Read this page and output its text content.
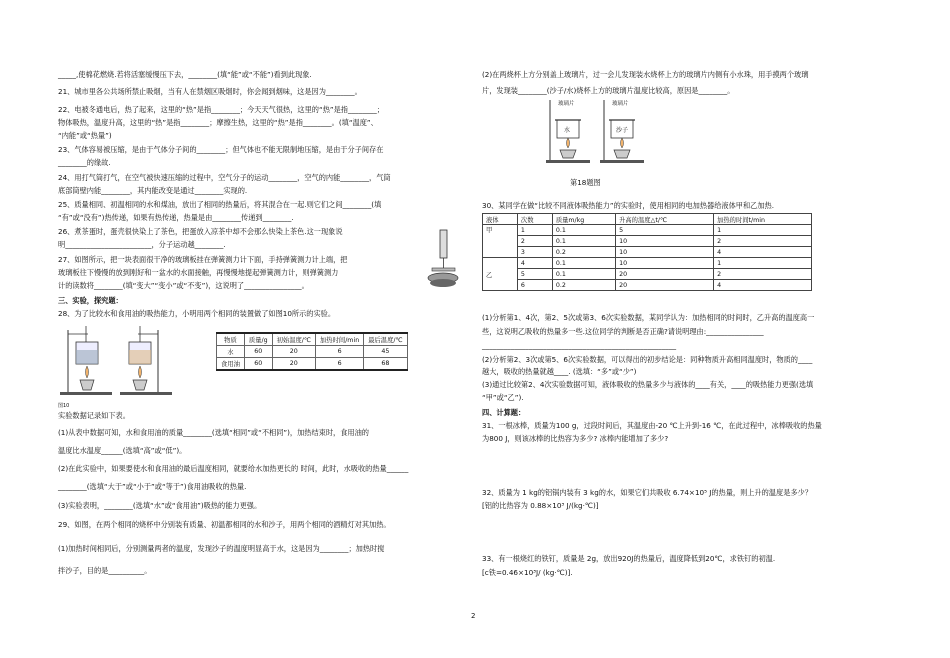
_____,使棉花燃烧.若将活塞缓慢压下去，________(填“能”或“不能”)看到此现象.
21、城市里各公共场所禁止吸烟，当有人在禁烟区吸烟时，你会闻到烟味，这是因为________。
22、电被冬通电后，热了起来，这里的“热”是指________；今天天气很热，这里的“热”是指________；
物体吸热，温度升高，这里的“热”是指________；摩擦生热，这里的“热”是指________。(填“温度”、
“内能”或“热量”)
23、气体容易被压缩，是由于气体分子间的________；但气体也不能无限制地压缩，是由于分子间存在
________的缘故.
24、用打气筒打气，在空气被快速压缩的过程中，空气分子的运动________，空气的内能________，气筒
底部筒壁内能________，其内能改变是通过________实现的.
25、质量相同、初温相同的水和煤油，放出了相同的热量后，将其混合在一起.则它们之间________(填
“有”或“没有”)热传递，如果有热传递，热量是由________传递到________.
26、煮茶蛋时，蛋壳很快染上了茶色，把蛋放入凉茶中却不会那么快染上茶色.这一现象说
明________________________，分子运动越________.
27、如图所示，把一块表面很干净的玻璃板挂在弹簧测力计下面，手持弹簧测力计上端，把
玻璃板往下慢慢的放到刚好和一盆水的水面接触，再慢慢地提起弹簧测力计，则弹簧测力
计的读数将________(填“变大”“变小”或“不变”)，这说明了________________。
三、实验，探究题：
28、为了比较水和食用油的吸热能力，小明用两个相同的装置做了如图10所示的实验。
图10
物质	质量/g	初始温度/℃	加热时间/min	最后温度/℃
水	60	20	6	45
食用油	60	20	6	68
实验数据记录如下表。
(1)从表中数据可知，水和食用油的质量________(选填“相同”或“不相同”)，加热结束时，食用油的
温度比水温度______(选填“高”或“低”)。
(2)在此实验中，如果要使水和食用油的最后温度相同，就要给水加热更长的 时间，此时，水吸收的热量______
________(选填“大于”或“小于”或“等于”)食用油吸收的热量.
(3)实验表明，________(选填“水”或“食用油”)吸热的能力更强。
29、如图，在两个相同的烧杯中分别装有质量、初温都相同的水和沙子，用两个相同的酒精灯对其加热。
(1)加热时间相同后，分别测量两者的温度，发现沙子的温度明显高于水，这是因为________；加热时搅
拌沙子，目的是__________。
(2)在两烧杯上方分别盖上玻璃片，过一会儿发现装水烧杯上方的玻璃片内侧有小水珠，用手摸两个玻璃
片，发现装________(沙子/水)烧杯上方的玻璃片温度比较高，原因是________。
玻璃片	玻璃片
水	沙子
第18题图
30、某同学在做“比较不同液体吸热能力”的实验时，使用相同的电加热器给液体甲和乙加热.
液体	次数	质量m/kg	升高的温度△t/℃	加热的时间t/min
甲	1	0.1	5	1
	2	0.1	10	2
	3	0.2	10	4
乙	4	0.1	10	1
	5	0.1	20	2
	6	0.2	20	4
(1)分析第1、4次，第2、5次或第3、6次实验数据，某同学认为：加热相同的时间时，乙升高的温度高一
些，这说明乙吸收的热量多一些.这位同学的判断是否正确?请说明理由:________________
______________________________________________________
(2)分析第2、3次或第5、6次实验数据，可以得出的初步结论是：同种物质升高相同温度时，物质的____
越大，吸收的热量就越____. (选填：“多”或“少”)
(3)通过比较第2、4次实验数据可知，液体吸收的热量多少与液体的____有关，____的吸热能力更强(选填
“甲”或“乙”).
四、计算题：
31、一根冰棒，质量为100 g，过段时间后，其温度由-20 ℃上升到-16 ℃，在此过程中，冰棒吸收的热量
为800 J，则该冰棒的比热容为多少? 冰棒内能增加了多少?
32、质量为 1 kg的铝锅内装有 3 kg的水，如果它们共吸收 6.74×10⁵ J的热量，则上升的温度是多少？
[铝的比热容为 0.88×10³ J/(kg·℃)]
33、有一根烧红的铁钉，质量是 2g，放出920J的热量后，温度降低到20℃，求铁钉的初温.
[c铁=0.46×10³J/ (kg·℃)].
2
